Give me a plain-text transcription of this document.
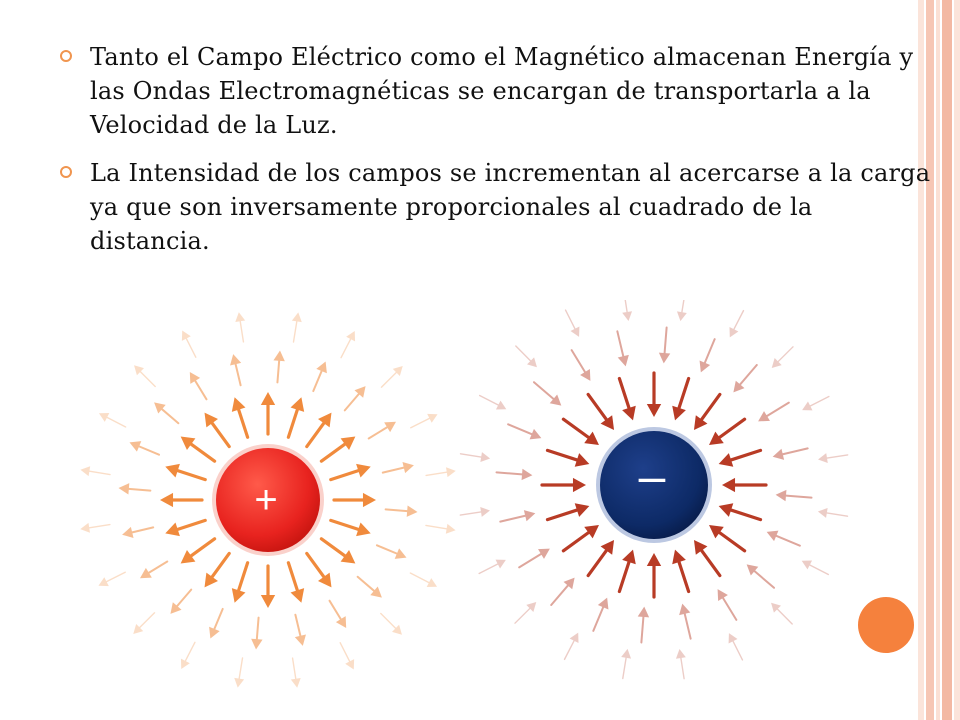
Tanto el Campo Eléctrico como el Magnético almacenan Energía y las Ondas Electromagnéticas se encargan de transportarla a la Velocidad de la Luz.
La Intensidad de los campos se incrementan al acercarse a la carga ya que son inversamente proporcionales al cuadrado de la distancia.
+	–
